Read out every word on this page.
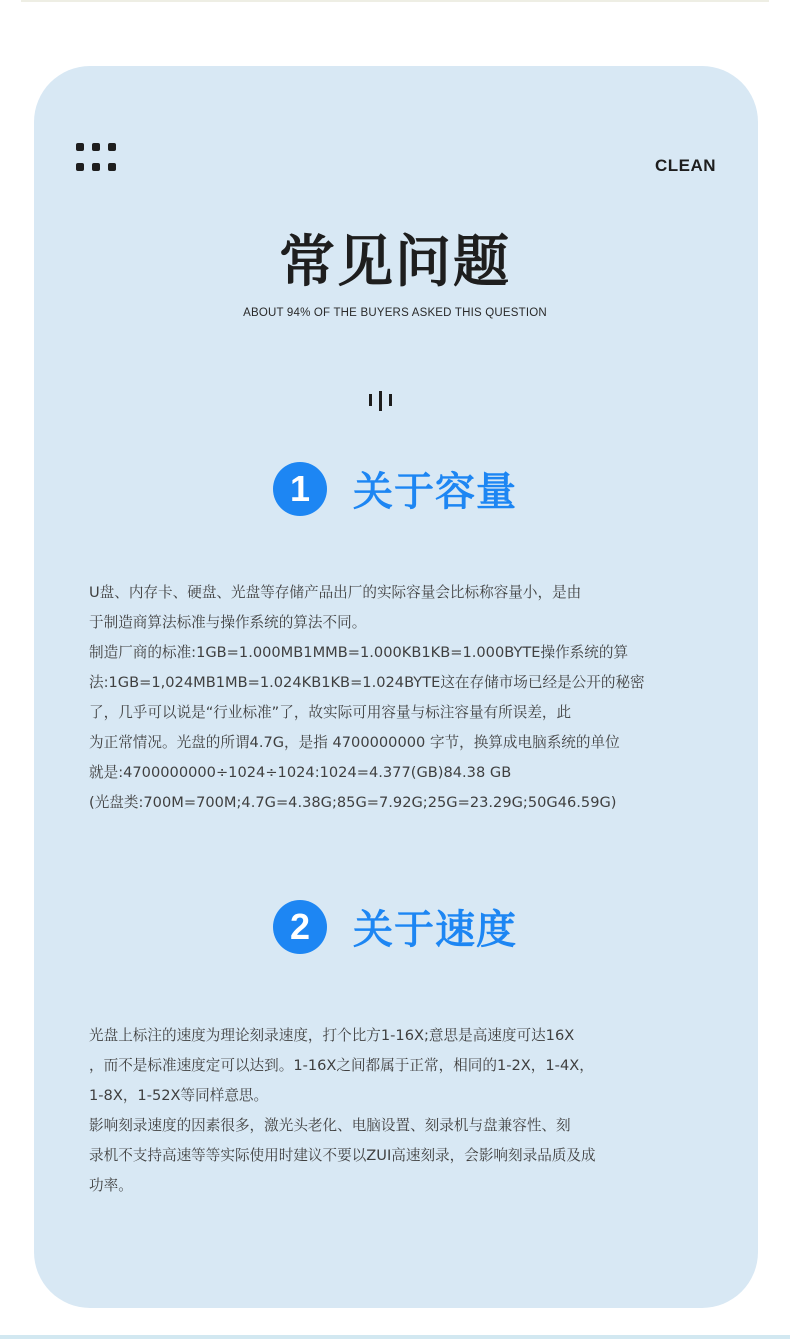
CLEAN
常见问题
ABOUT 94% OF THE BUYERS ASKED THIS QUESTION
1	关于容量

U盘、内存卡、硬盘、光盘等存储产品出厂的实际容量会比标称容量小，是由

于制造商算法标准与操作系统的算法不同。

制造厂商的标准:1GB=1.000MB1MMB=1.000KB1KB=1.000BYTE操作系统的算

法:1GB=1,024MB1MB=1.024KB1KB=1.024BYTE这在存储市场已经是公开的秘密

了，几乎可以说是“行业标准”了，故实际可用容量与标注容量有所误差，此

为正常情况。光盘的所谓4.7G，是指 4700000000 字节，换算成电脑系统的单位

就是:4700000000÷1024÷1024:1024=4.377(GB)84.38 GB

(光盘类:700M=700M;4.7G=4.38G;85G=7.92G;25G=23.29G;50G46.59G)

2	关于速度

光盘上标注的速度为理论刻录速度，打个比方1-16X;意思是高速度可达16X

，而不是标准速度定可以达到。1-16X之间都属于正常，相同的1-2X，1-4X，

1-8X，1-52X等同样意思。

影响刻录速度的因素很多，激光头老化、电脑设置、刻录机与盘兼容性、刻

录机不支持高速等等实际使用时建议不要以ZUI高速刻录，会影响刻录品质及成

功率。
